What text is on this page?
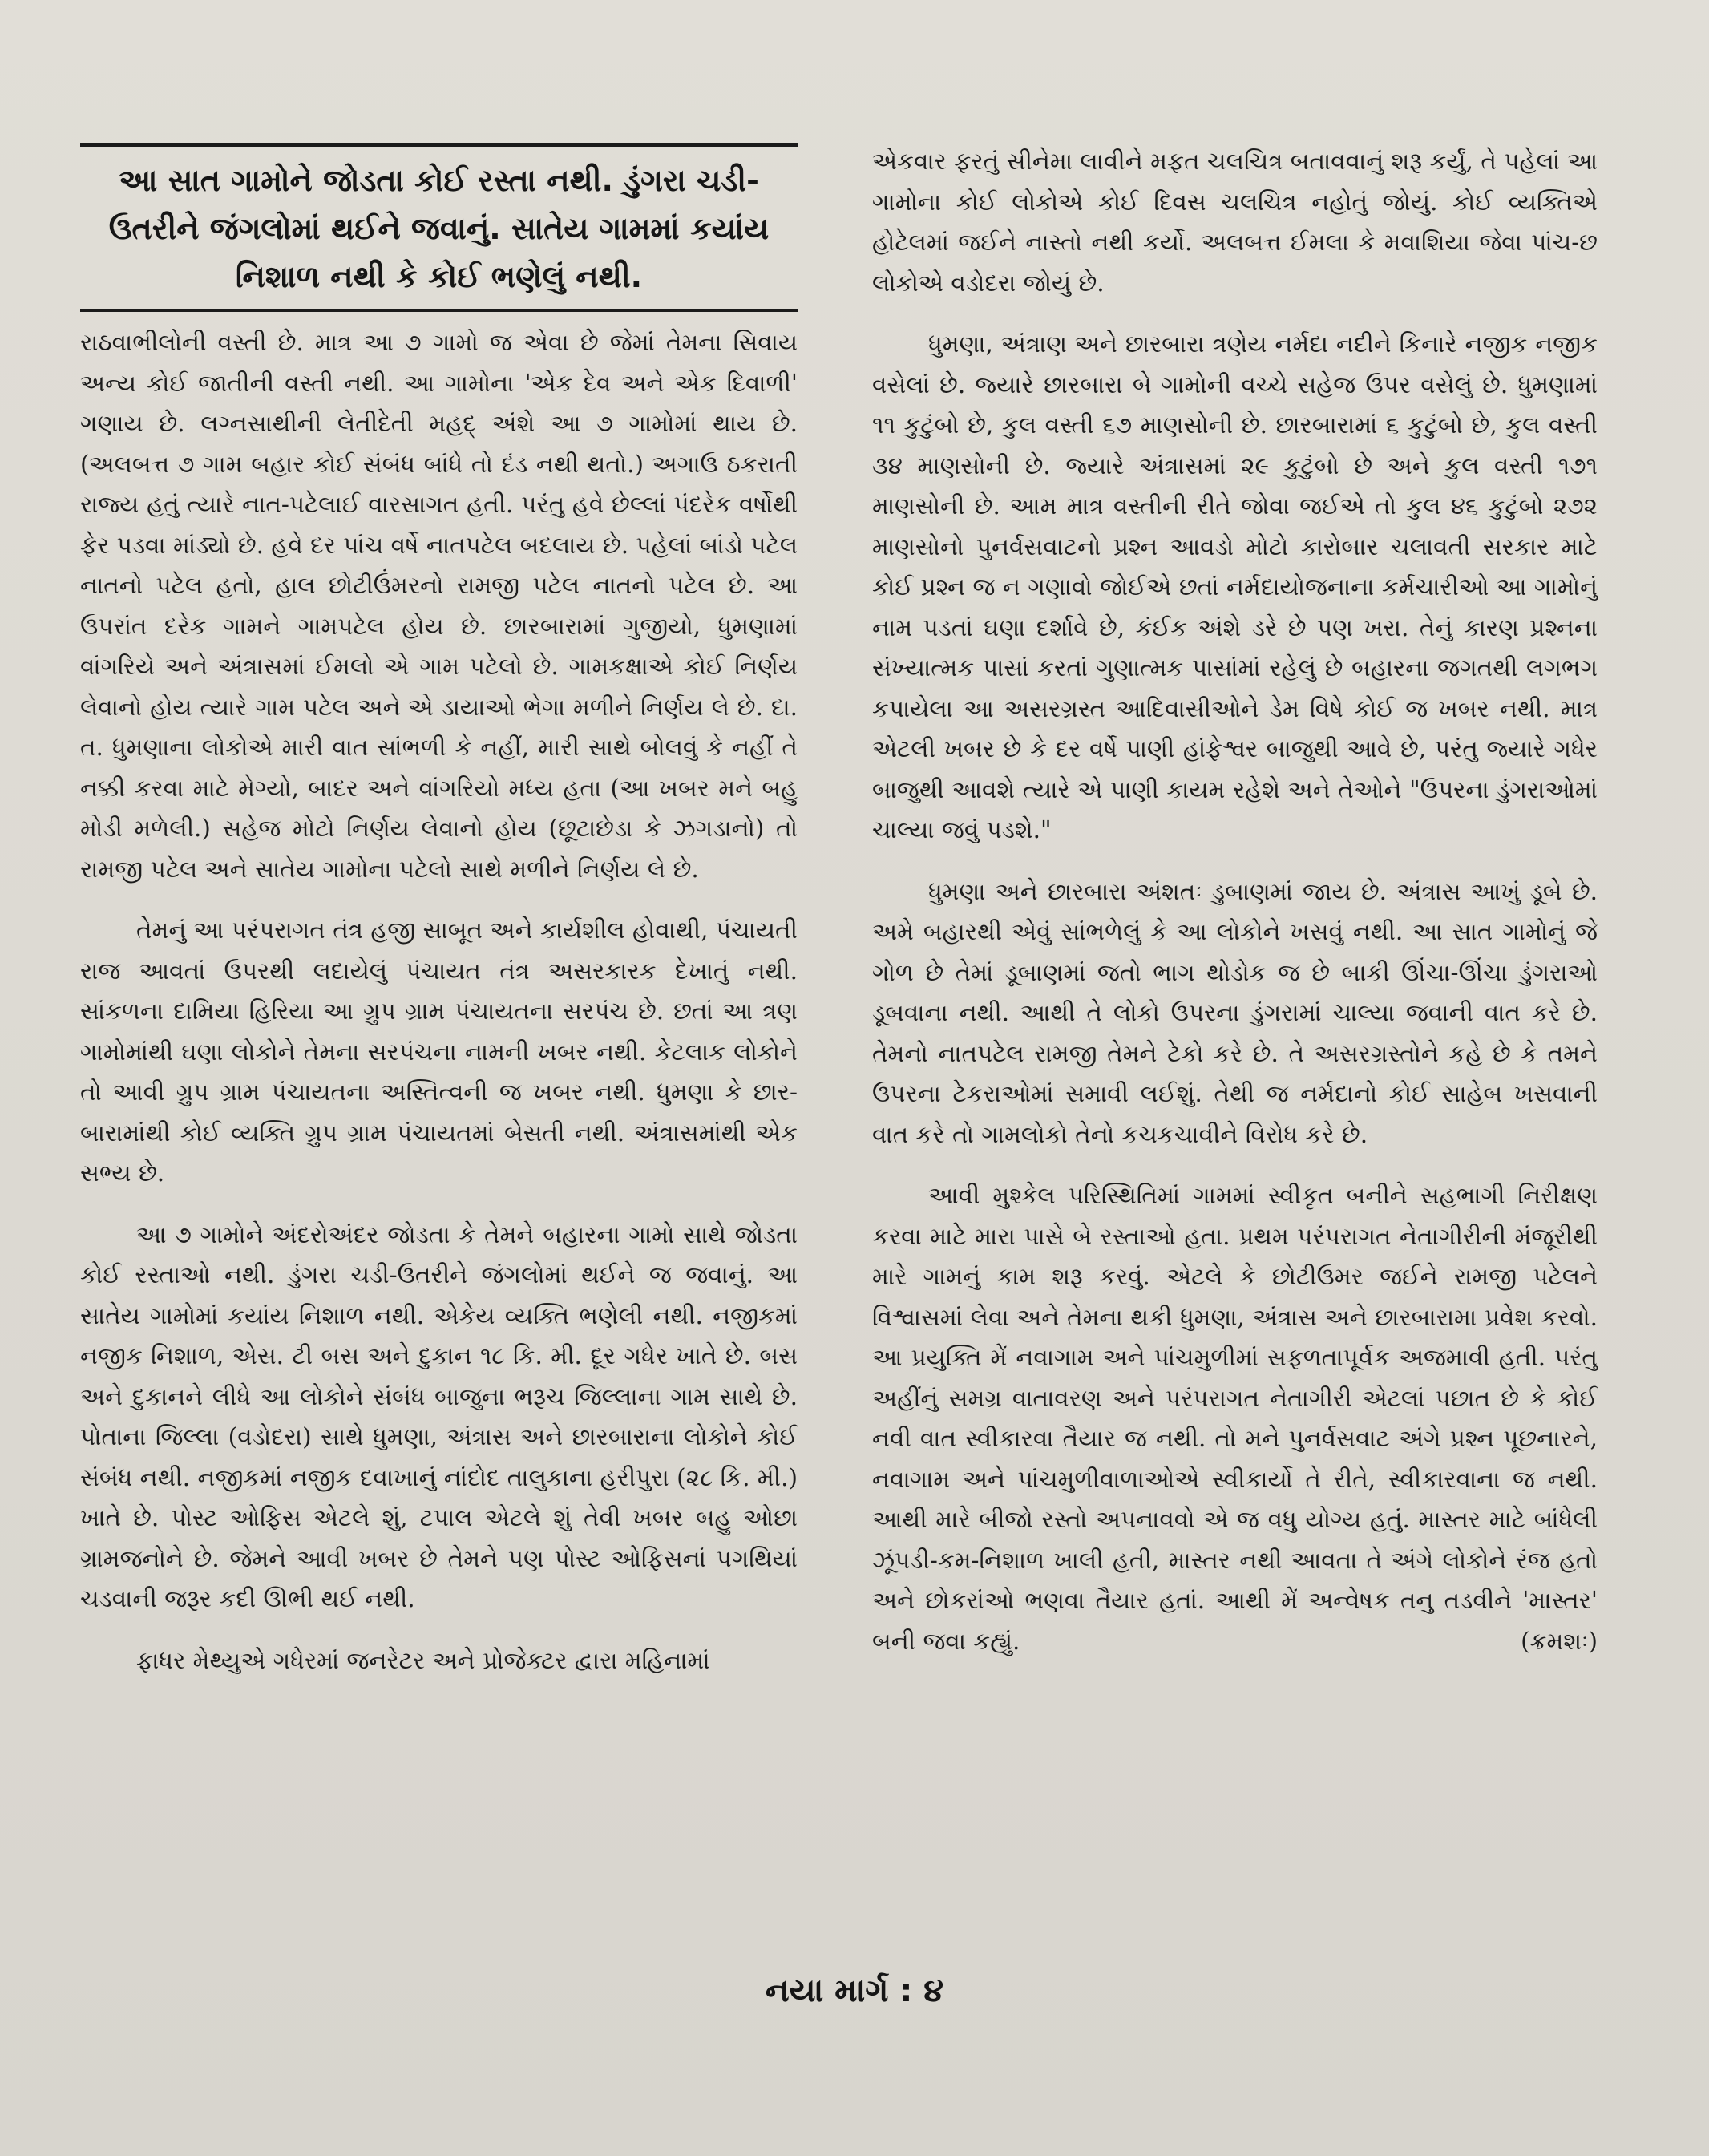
આ સાત ગામોને જોડતા કોઈ રસ્તા નથી. ડુંગરા ચડી-

ઉતરીને જંગલોમાં થઈને જવાનું. સાતેય ગામમાં કયાંય

નિશાળ નથી કે કોઈ ભણેલું નથી.

રાઠવાભીલોની વસ્તી છે. માત્ર આ ૭ ગામો જ એવા છે જેમાં તેમના સિવાય અન્ય કોઈ જાતીની વસ્તી નથી. આ ગામોના 'એક દેવ અને એક દિવાળી' ગણાય છે. લગ્નસાથીની લેતીદેતી મહદ્ અંશે આ ૭ ગામોમાં થાય છે. (અલબત્ત ૭ ગામ બહાર કોઈ સંબંધ બાંધે તો દંડ નથી થતો.) અગાઉ ઠકરાતી રાજ્ય હતું ત્યારે નાત-પટેલાઈ વારસાગત હતી. પરંતુ હવે છેલ્લાં પંદરેક વર્ષોથી ફેર પડવા માંડ્યો છે. હવે દર પાંચ વર્ષે નાતપટેલ બદલાય છે. પહેલાં બાંડો પટેલ નાતનો પટેલ હતો, હાલ છોટીઉંમરનો રામજી પટેલ નાતનો પટેલ છે. આ ઉપરાંત દરેક ગામને ગામપટેલ હોય છે. છારબારામાં ગુજીયો, ધુમણામાં વાંગરિયે અને અંત્રાસમાં ઈમલો એ ગામ પટેલો છે. ગામકક્ષાએ કોઈ નિર્ણય લેવાનો હોય ત્યારે ગામ પટેલ અને એ ડાયાઓ ભેગા મળીને નિર્ણય લે છે. દા. ત. ધુમણાના લોકોએ મારી વાત સાંભળી કે નહીં, મારી સાથે બોલવું કે નહીં તે નક્કી કરવા માટે મેગ્યો, બાદર અને વાંગરિયો મધ્ય હતા (આ ખબર મને બહુ મોડી મળેલી.) સહેજ મોટો નિર્ણય લેવાનો હોય (છૂટાછેડા કે ઝગડાનો) તો રામજી પટેલ અને સાતેય ગામોના પટેલો સાથે મળીને નિર્ણય લે છે.

તેમનું આ પરંપરાગત તંત્ર હજી સાબૂત અને કાર્યશીલ હોવાથી, પંચાયતી રાજ આવતાં ઉપરથી લદાયેલું પંચાયત તંત્ર અસરકારક દેખાતું નથી. સાંકળના દામિયા હિરિયા આ ગ્રુપ ગ્રામ પંચાયતના સરપંચ છે. છતાં આ ત્રણ ગામોમાંથી ઘણા લોકોને તેમના સરપંચના નામની ખબર નથી. કેટલાક લોકોને તો આવી ગ્રુપ ગ્રામ પંચાયતના અસ્તિત્વની જ ખબર નથી. ધુમણા કે છાર-બારામાંથી કોઈ વ્યક્તિ ગ્રુપ ગ્રામ પંચાયતમાં બેસતી નથી. અંત્રાસમાંથી એક સભ્ય છે.

આ ૭ ગામોને અંદરોઅંદર જોડતા કે તેમને બહારના ગામો સાથે જોડતા કોઈ રસ્તાઓ નથી. ડુંગરા ચડી-ઉતરીને જંગલોમાં થઈને જ જવાનું. આ સાતેય ગામોમાં કયાંય નિશાળ નથી. એકેય વ્યક્તિ ભણેલી નથી. નજીકમાં નજીક નિશાળ, એસ. ટી બસ અને દુકાન ૧૮ કિ. મી. દૂર ગધેર ખાતે છે. બસ અને દુકાનને લીધે આ લોકોને સંબંધ બાજુના ભરૂચ જિલ્લાના ગામ સાથે છે. પોતાના જિલ્લા (વડોદરા) સાથે ધુમણા, અંત્રાસ અને છારબારાના લોકોને કોઈ સંબંધ નથી. નજીકમાં નજીક દવાખાનું નાંદોદ તાલુકાના હરીપુરા (૨૮ કિ. મી.) ખાતે છે. પોસ્ટ ઓફિસ એટલે શું, ટપાલ એટલે શું તેવી ખબર બહુ ઓછા ગ્રામજનોને છે. જેમને આવી ખબર છે તેમને પણ પોસ્ટ ઓફિસનાં પગથિયાં ચડવાની જરૂર કદી ઊભી થઈ નથી.

ફાધર મેથ્યુએ ગધેરમાં જનરેટર અને પ્રોજેક્ટર દ્વારા મહિનામાં

એકવાર ફરતું સીનેમા લાવીને મફત ચલચિત્ર બતાવવાનું શરૂ કર્યું, તે પહેલાં આ ગામોના કોઈ લોકોએ કોઈ દિવસ ચલચિત્ર નહોતું જોયું. કોઈ વ્યક્તિએ હોટેલમાં જઈને નાસ્તો નથી કર્યો. અલબત્ત ઈમલા કે મવાશિયા જેવા પાંચ-છ લોકોએ વડોદરા જોયું છે.

ધુમણા, અંત્રાણ અને છારબારા ત્રણેય નર્મદા નદીને કિનારે નજીક નજીક વસેલાં છે. જ્યારે છારબારા બે ગામોની વચ્ચે સહેજ ઉપર વસેલું છે. ધુમણામાં ૧૧ કુટુંબો છે, કુલ વસ્તી ૬૭ માણસોની છે. છારબારામાં ૬ કુટુંબો છે, કુલ વસ્તી ૩૪ માણસોની છે. જ્યારે અંત્રાસમાં ૨૯ કુટુંબો છે અને કુલ વસ્તી ૧૭૧ માણસોની છે. આમ માત્ર વસ્તીની રીતે જોવા જઈએ તો કુલ ૪૬ કુટુંબો ૨૭૨ માણસોનો પુનર્વસવાટનો પ્રશ્ન આવડો મોટો કારોબાર ચલાવતી સરકાર માટે કોઈ પ્રશ્ન જ ન ગણાવો જોઈએ છતાં નર્મદાયોજનાના કર્મચારીઓ આ ગામોનું નામ પડતાં ઘણા દર્શાવે છે, કંઈક અંશે ડરે છે પણ ખરા. તેનું કારણ પ્રશ્નના સંખ્યાત્મક પાસાં કરતાં ગુણાત્મક પાસાંમાં રહેલું છે બહારના જગતથી લગભગ કપાયેલા આ અસરગ્રસ્ત આદિવાસીઓને ડેમ વિષે કોઈ જ ખબર નથી. માત્ર એટલી ખબર છે કે દર વર્ષે પાણી હાંફેશ્વર બાજુથી આવે છે, પરંતુ જ્યારે ગધેર બાજુથી આવશે ત્યારે એ પાણી કાયમ રહેશે અને તેઓને "ઉપરના ડુંગરાઓમાં ચાલ્યા જવું પડશે."

ધુમણા અને છારબારા અંશતઃ ડુબાણમાં જાય છે. અંત્રાસ આખું ડૂબે છે. અમે બહારથી એવું સાંભળેલું કે આ લોકોને ખસવું નથી. આ સાત ગામોનું જે ગોળ છે તેમાં ડૂબાણમાં જતો ભાગ થોડોક જ છે બાકી ઊંચા-ઊંચા ડુંગરાઓ ડૂબવાના નથી. આથી તે લોકો ઉપરના ડુંગરામાં ચાલ્યા જવાની વાત કરે છે. તેમનો નાતપટેલ રામજી તેમને ટેકો કરે છે. તે અસરગ્રસ્તોને કહે છે કે તમને ઉપરના ટેકરાઓમાં સમાવી લઈશું. તેથી જ નર્મદાનો કોઈ સાહેબ ખસવાની વાત કરે તો ગામલોકો તેનો કચકચાવીને વિરોધ કરે છે.

આવી મુશ્કેલ પરિસ્થિતિમાં ગામમાં સ્વીકૃત બનીને સહભાગી નિરીક્ષણ કરવા માટે મારા પાસે બે રસ્તાઓ હતા. પ્રથમ પરંપરાગત નેતાગીરીની મંજૂરીથી મારે ગામનું કામ શરૂ કરવું. એટલે કે છોટીઉમર જઈને રામજી પટેલને વિશ્વાસમાં લેવા અને તેમના થકી ધુમણા, અંત્રાસ અને છારબારામા પ્રવેશ કરવો. આ પ્રયુક્તિ મેં નવાગામ અને પાંચમુળીમાં સફળતાપૂર્વક અજમાવી હતી. પરંતુ અહીંનું સમગ્ર વાતાવરણ અને પરંપરાગત નેતાગીરી એટલાં પછાત છે કે કોઈ નવી વાત સ્વીકારવા તૈયાર જ નથી. તો મને પુનર્વસવાટ અંગે પ્રશ્ન પૂછનારને, નવાગામ અને પાંચમુળીવાળાઓએ સ્વીકાર્યો તે રીતે, સ્વીકારવાના જ નથી. આથી મારે બીજો રસ્તો અપનાવવો એ જ વધુ યોગ્ય હતું. માસ્તર માટે બાંધેલી ઝૂંપડી-કમ-નિશાળ ખાલી હતી, માસ્તર નથી આવતા તે અંગે લોકોને રંજ હતો અને છોકરાંઓ ભણવા તૈયાર હતાં. આથી મેં અન્વેષક તનુ તડવીને 'માસ્તર' બની જવા કહ્યું.	(ક્રમશઃ)

નયા માર્ગ : ૪
